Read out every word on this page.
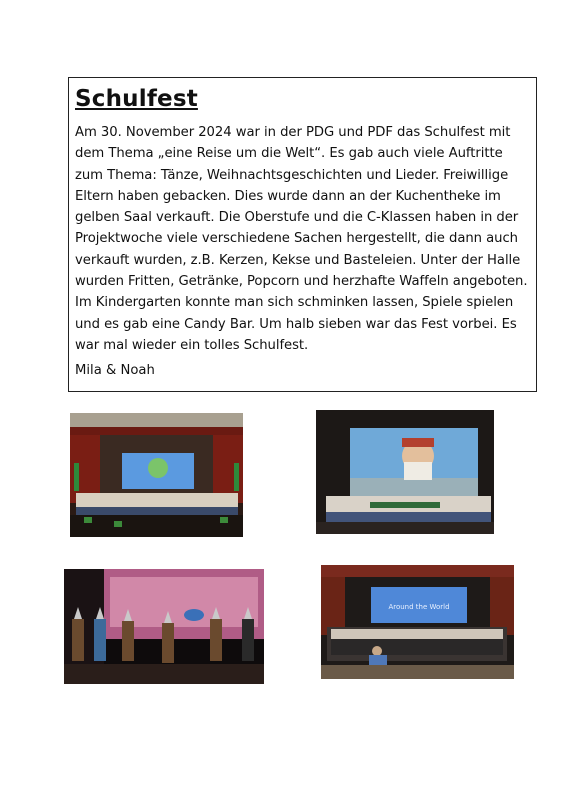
Schulfest

Am 30. November 2024 war in der PDG und PDF das Schulfest mit dem Thema „eine Reise um die Welt“. Es gab auch viele Auftritte zum Thema: Tänze, Weihnachtsgeschichten und Lieder. Freiwillige Eltern haben gebacken. Dies wurde dann an der Kuchentheke im gelben Saal verkauft. Die Oberstufe und die C-Klassen haben in der Projektwoche viele verschiedene Sachen hergestellt, die dann auch verkauft wurden, z.B. Kerzen, Kekse und Basteleien. Unter der Halle wurden Fritten, Getränke, Popcorn und herzhafte Waffeln angeboten. Im Kindergarten konnte man sich schminken lassen, Spiele spielen und es gab eine Candy Bar. Um halb sieben war das Fest vorbei. Es war mal wieder ein tolles Schulfest.

Mila & Noah

Around the World
